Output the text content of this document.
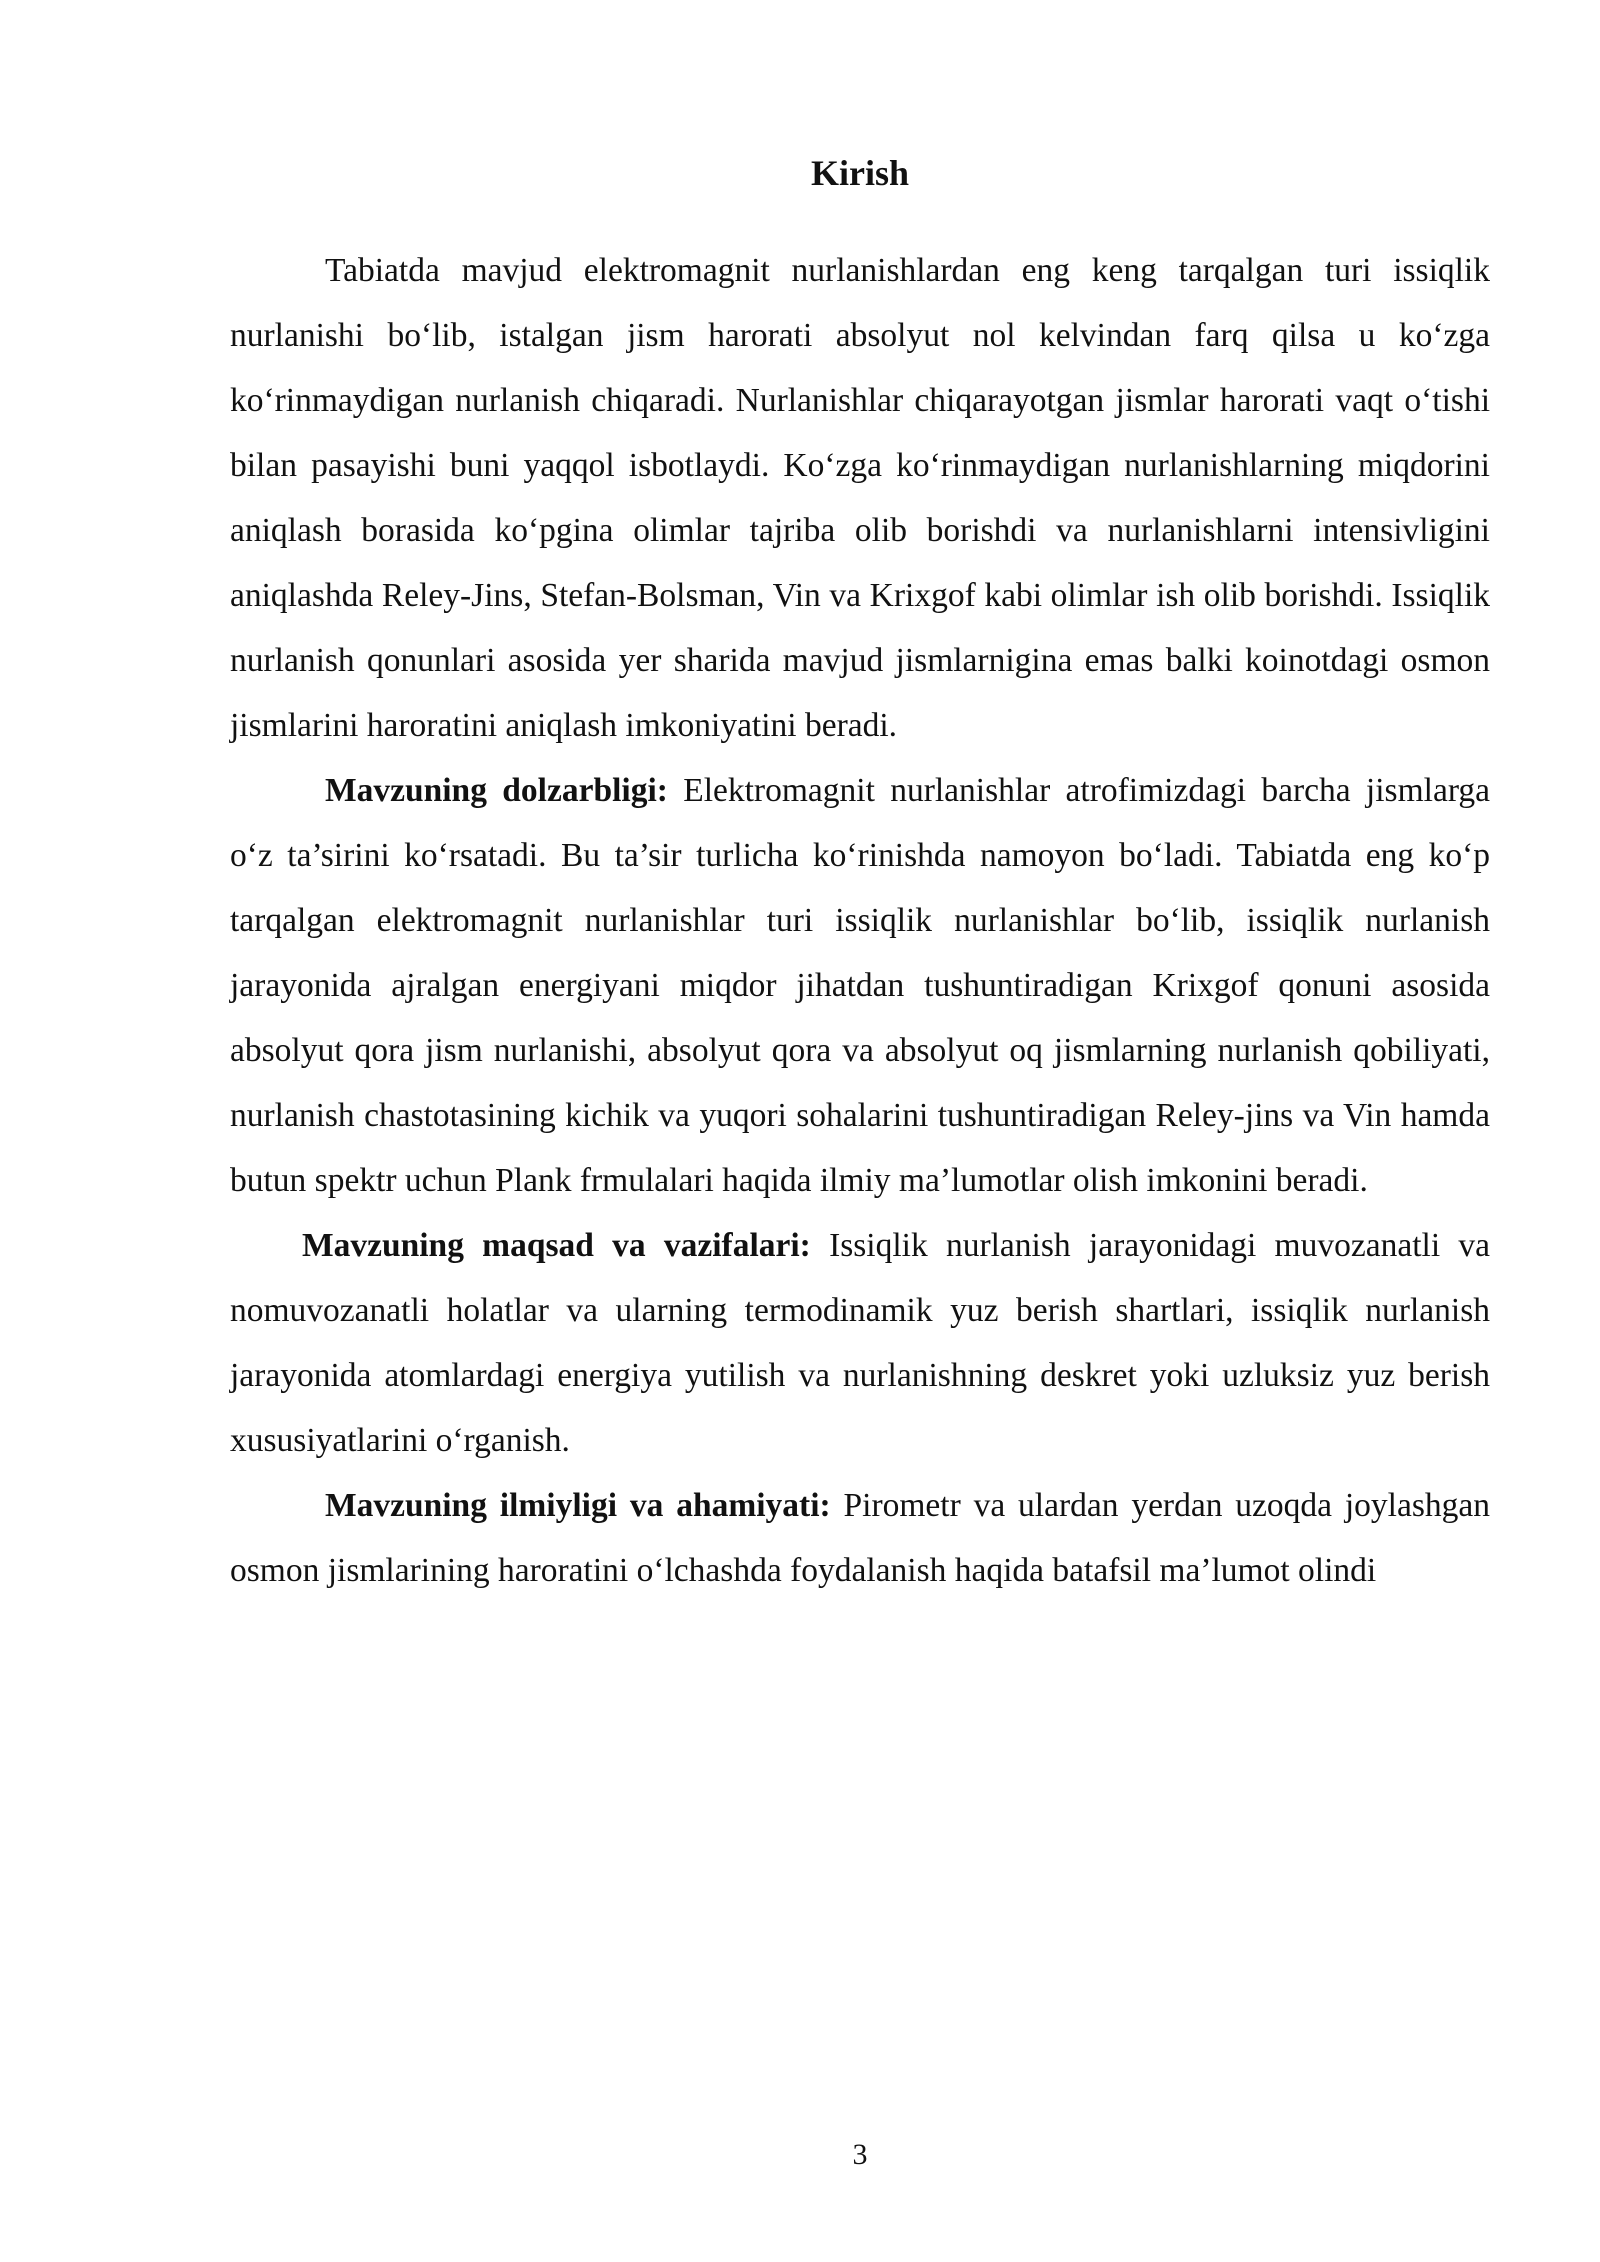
Kirish

Tabiatda mavjud elektromagnit nurlanishlardan eng keng tarqalgan turi issiqlik nurlanishi bo‘lib, istalgan jism harorati absolyut nol kelvindan farq qilsa u ko‘zga ko‘rinmaydigan nurlanish chiqaradi. Nurlanishlar chiqarayotgan jismlar harorati vaqt o‘tishi bilan pasayishi buni yaqqol isbotlaydi. Ko‘zga ko‘rinmaydigan nurlanishlarning miqdorini aniqlash borasida ko‘pgina olimlar tajriba olib borishdi va nurlanishlarni intensivligini aniqlashda Reley-Jins, Stefan-Bolsman, Vin va Krixgof kabi olimlar ish olib borishdi. Issiqlik nurlanish qonunlari asosida yer sharida mavjud jismlarnigina emas balki koinotdagi osmon jismlarini haroratini aniqlash imkoniyatini beradi.

Mavzuning dolzarbligi: Elektromagnit nurlanishlar atrofimizdagi barcha jismlarga o‘z ta’sirini ko‘rsatadi. Bu ta’sir turlicha ko‘rinishda namoyon bo‘ladi. Tabiatda eng ko‘p tarqalgan elektromagnit nurlanishlar turi issiqlik nurlanishlar bo‘lib, issiqlik nurlanish jarayonida ajralgan energiyani miqdor jihatdan tushuntiradigan Krixgof qonuni asosida absolyut qora jism nurlanishi, absolyut qora va absolyut oq jismlarning nurlanish qobiliyati, nurlanish chastotasining kichik va yuqori sohalarini tushuntiradigan Reley-jins va Vin hamda butun spektr uchun Plank frmulalari haqida ilmiy ma’lumotlar olish imkonini beradi.

Mavzuning maqsad va vazifalari: Issiqlik nurlanish jarayonidagi muvozanatli va nomuvozanatli holatlar va ularning termodinamik yuz berish shartlari, issiqlik nurlanish jarayonida atomlardagi energiya yutilish va nurlanishning deskret yoki uzluksiz yuz berish xususiyatlarini o‘rganish.

Mavzuning ilmiyligi va ahamiyati: Pirometr va ulardan yerdan uzoqda joylashgan osmon jismlarining haroratini o‘lchashda foydalanish haqida batafsil ma’lumot olindi

3
